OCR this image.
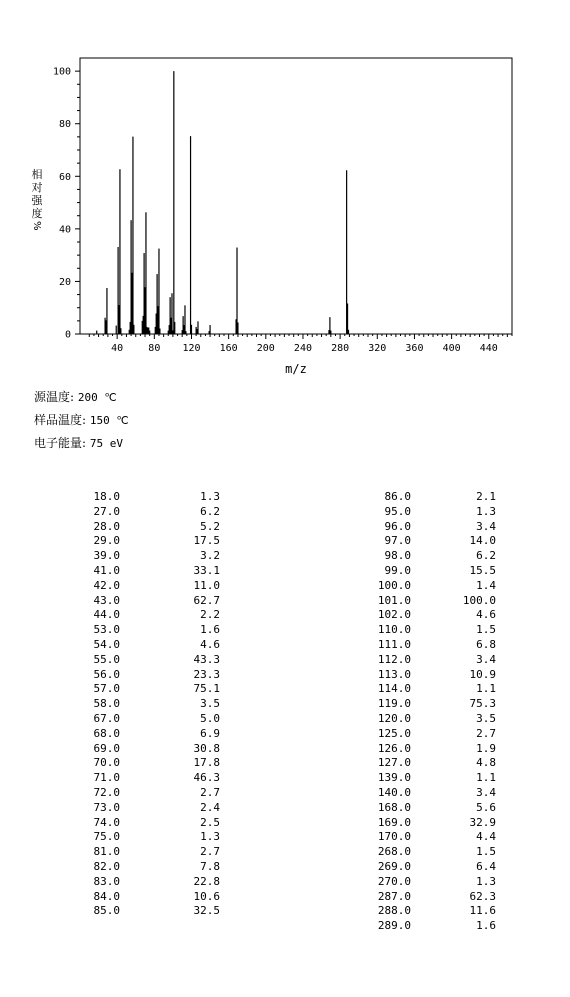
0
20
40
60
80
100
40	80 120 160 200 240 280 320 360 400 440
m/z
相
对
强
度
%
源温度: 200 ℃
样品温度: 150 ℃
电子能量: 75 eV
18.0	1.3
27.0	6.2
28.0	5.2
29.0	17.5
39.0	3.2
41.0	33.1
42.0	11.0
43.0	62.7
44.0	2.2
53.0	1.6
54.0	4.6
55.0	43.3
56.0	23.3
57.0	75.1
58.0	3.5
67.0	5.0
68.0	6.9
69.0	30.8
70.0	17.8
71.0	46.3
72.0	2.7
73.0	2.4
74.0	2.5
75.0	1.3
81.0	2.7
82.0	7.8
83.0	22.8
84.0	10.6
85.0	32.5
86.0	2.1
95.0	1.3
96.0	3.4
97.0	14.0
98.0	6.2
99.0	15.5
100.0	1.4
101.0	100.0
102.0	4.6
110.0	1.5
111.0	6.8
112.0	3.4
113.0	10.9
114.0	1.1
119.0	75.3
120.0	3.5
125.0	2.7
126.0	1.9
127.0	4.8
139.0	1.1
140.0	3.4
168.0	5.6
169.0	32.9
170.0	4.4
268.0	1.5
269.0	6.4
270.0	1.3
287.0	62.3
288.0	11.6
289.0	1.6
